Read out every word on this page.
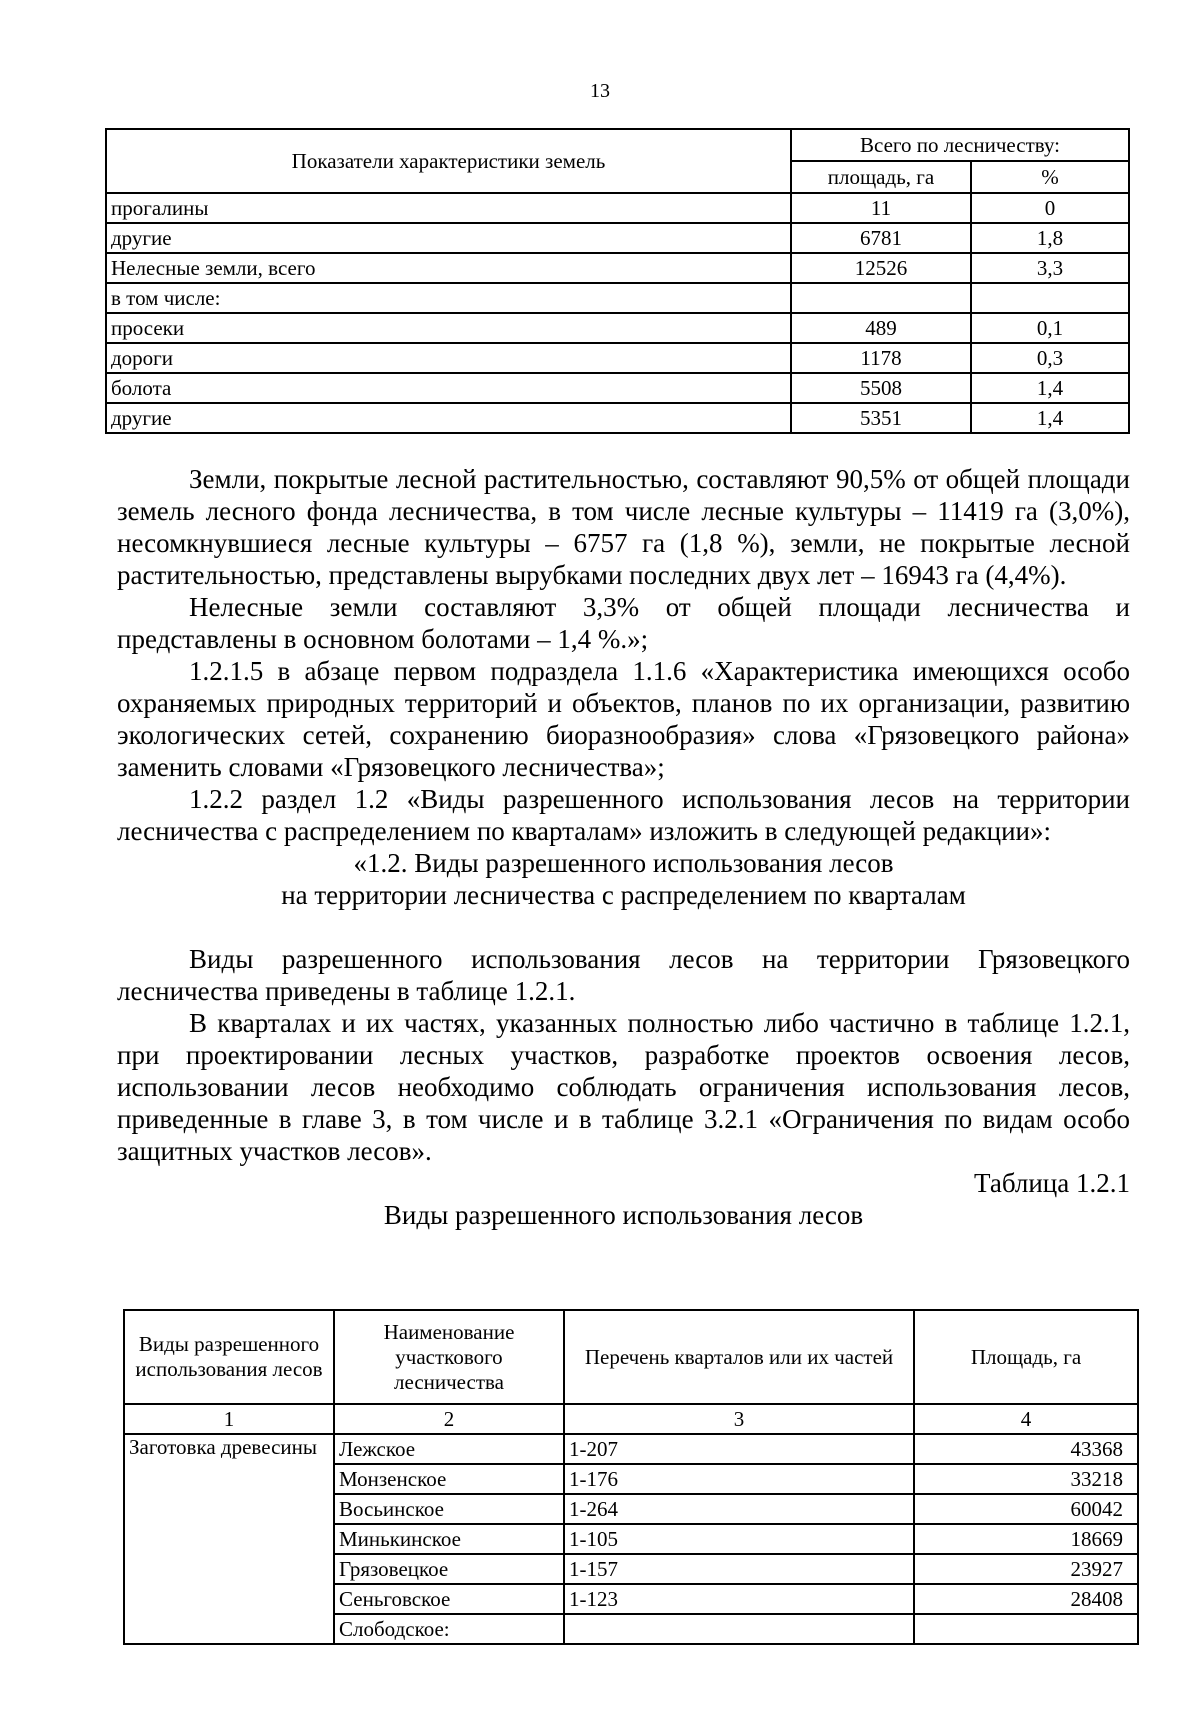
13
Показатели характеристики земель	Всего по лесничеству:	
	площадь, га	%
прогалины	11	0
другие	6781	1,8
Нелесные земли, всего	12526	3,3
в том числе:		
просеки	489	0,1
дороги	1178	0,3
болота	5508	1,4
другие	5351	1,4

Земли, покрытые лесной растительностью, составляют 90,5% от общей площади земель лесного фонда лесничества, в том числе лесные культуры – 11419 га (3,0%), несомкнувшиеся лесные культуры – 6757 га (1,8 %), земли, не покрытые лесной растительностью, представлены вырубками последних двух лет – 16943 га (4,4%).

Нелесные земли составляют 3,3% от общей площади лесничества и представлены в основном болотами – 1,4 %.»;

1.2.1.5 в абзаце первом подраздела 1.1.6 «Характеристика имеющихся особо охраняемых природных территорий и объектов, планов по их организации, развитию экологических сетей, сохранению биоразнообразия» слова «Грязовецкого района» заменить словами «Грязовецкого лесничества»;

1.2.2 раздел 1.2 «Виды разрешенного использования лесов на территории лесничества с распределением по кварталам» изложить в следующей редакции»:

«1.2. Виды разрешенного использования лесов

на территории лесничества с распределением по кварталам

Виды разрешенного использования лесов на территории Грязовецкого лесничества приведены в таблице 1.2.1.

В кварталах и их частях, указанных полностью либо частично в таблице 1.2.1, при проектировании лесных участков, разработке проектов освоения лесов, использовании лесов необходимо соблюдать ограничения использования лесов, приведенные в главе 3, в том числе и в таблице 3.2.1 «Ограничения по видам особо защитных участков лесов».

Таблица 1.2.1

Виды разрешенного использования лесов

Виды разрешенного использования лесов	Наименование участкового лесничества	Перечень кварталов или их частей	Площадь, га
1	2	3	4
Заготовка древесины	Лежское	1-207	43368
	Монзенское	1-176	33218
	Восьинское	1-264	60042
	Минькинское	1-105	18669
	Грязовецкое	1-157	23927
	Сеньговское	1-123	28408
	Слободское:		
